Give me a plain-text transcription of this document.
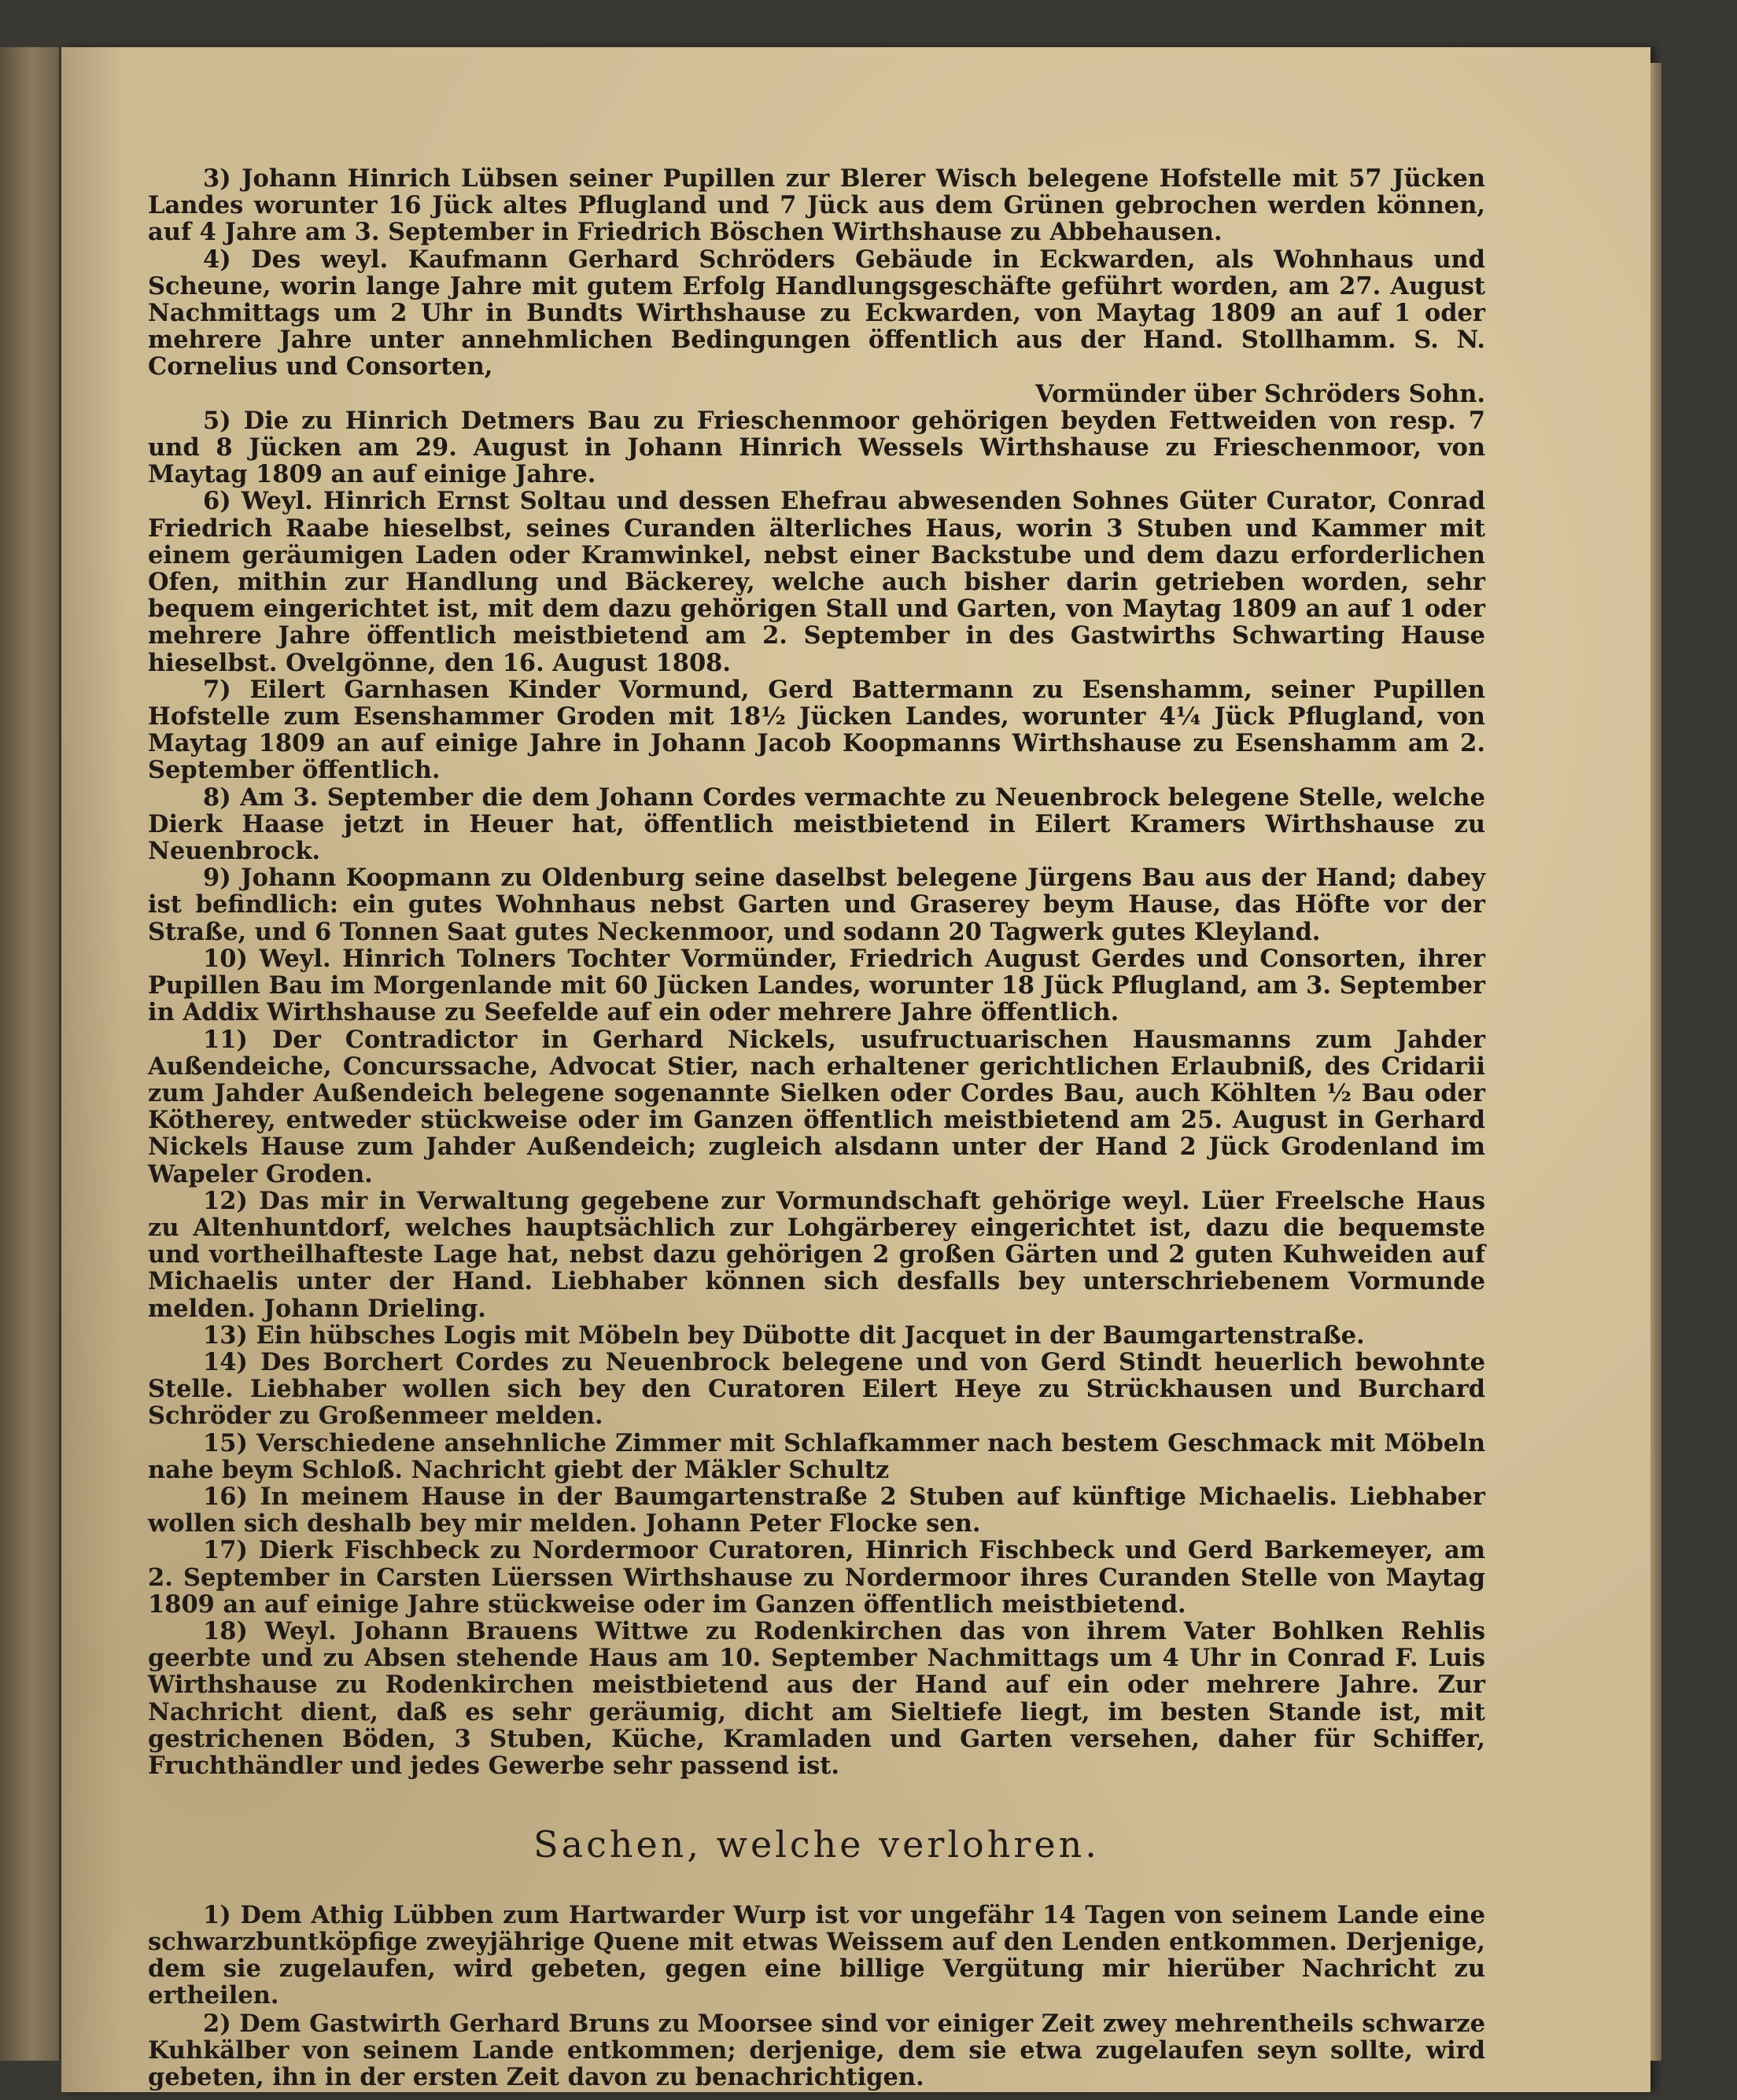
3) Johann Hinrich Lübsen seiner Pupillen zur Blerer Wisch belegene Hofstelle mit 57 Jücken Landes worunter 16 Jück altes Pflugland und 7 Jück aus dem Grünen gebrochen werden können, auf 4 Jahre am 3. September in Friedrich Böschen Wirthshause zu Abbehausen.

4) Des weyl. Kaufmann Gerhard Schröders Gebäude in Eckwarden, als Wohnhaus und Scheune, worin lange Jahre mit gutem Erfolg Handlungsgeschäfte geführt worden, am 27. August Nachmittags um 2 Uhr in Bundts Wirthshause zu Eckwarden, von Maytag 1809 an auf 1 oder mehrere Jahre unter annehmlichen Bedingungen öffentlich aus der Hand. Stollhamm. S. N. Cornelius und Consorten,

Vormünder über Schröders Sohn.

5) Die zu Hinrich Detmers Bau zu Frieschenmoor gehörigen beyden Fettweiden von resp. 7 und 8 Jücken am 29. August in Johann Hinrich Wessels Wirthshause zu Frieschenmoor, von Maytag 1809 an auf einige Jahre.

6) Weyl. Hinrich Ernst Soltau und dessen Ehefrau abwesenden Sohnes Güter Curator, Conrad Friedrich Raabe hieselbst, seines Curanden älterliches Haus, worin 3 Stuben und Kammer mit einem geräumigen Laden oder Kramwinkel, nebst einer Backstube und dem dazu erforderlichen Ofen, mithin zur Handlung und Bäckerey, welche auch bisher darin getrieben worden, sehr bequem eingerichtet ist, mit dem dazu gehörigen Stall und Garten, von Maytag 1809 an auf 1 oder mehrere Jahre öffentlich meistbietend am 2. September in des Gastwirths Schwarting Hause hieselbst. Ovelgönne, den 16. August 1808.

7) Eilert Garnhasen Kinder Vormund, Gerd Battermann zu Esenshamm, seiner Pupillen Hofstelle zum Esenshammer Groden mit 18½ Jücken Landes, worunter 4¼ Jück Pflugland, von Maytag 1809 an auf einige Jahre in Johann Jacob Koopmanns Wirthshause zu Esenshamm am 2. September öffentlich.

8) Am 3. September die dem Johann Cordes vermachte zu Neuenbrock belegene Stelle, welche Dierk Haase jetzt in Heuer hat, öffentlich meistbietend in Eilert Kramers Wirthshause zu Neuenbrock.

9) Johann Koopmann zu Oldenburg seine daselbst belegene Jürgens Bau aus der Hand; dabey ist befindlich: ein gutes Wohnhaus nebst Garten und Graserey beym Hause, das Höfte vor der Straße, und 6 Tonnen Saat gutes Neckenmoor, und sodann 20 Tagwerk gutes Kleyland.

10) Weyl. Hinrich Tolners Tochter Vormünder, Friedrich August Gerdes und Consorten, ihrer Pupillen Bau im Morgenlande mit 60 Jücken Landes, worunter 18 Jück Pflugland, am 3. September in Addix Wirthshause zu Seefelde auf ein oder mehrere Jahre öffentlich.

11) Der Contradictor in Gerhard Nickels, usufructuarischen Hausmanns zum Jahder Außendeiche, Concurssache, Advocat Stier, nach erhaltener gerichtlichen Erlaubniß, des Cridarii zum Jahder Außendeich belegene sogenannte Sielken oder Cordes Bau, auch Köhlten ½ Bau oder Kötherey, entweder stückweise oder im Ganzen öffentlich meistbietend am 25. August in Gerhard Nickels Hause zum Jahder Außendeich; zugleich alsdann unter der Hand 2 Jück Grodenland im Wapeler Groden.

12) Das mir in Verwaltung gegebene zur Vormundschaft gehörige weyl. Lüer Freelsche Haus zu Altenhuntdorf, welches hauptsächlich zur Lohgärberey eingerichtet ist, dazu die bequemste und vortheilhafteste Lage hat, nebst dazu gehörigen 2 großen Gärten und 2 guten Kuhweiden auf Michaelis unter der Hand. Liebhaber können sich desfalls bey unterschriebenem Vormunde melden. Johann Drieling.

13) Ein hübsches Logis mit Möbeln bey Dübotte dit Jacquet in der Baumgartenstraße.

14) Des Borchert Cordes zu Neuenbrock belegene und von Gerd Stindt heuerlich bewohnte Stelle. Liebhaber wollen sich bey den Curatoren Eilert Heye zu Strückhausen und Burchard Schröder zu Großenmeer melden.

15) Verschiedene ansehnliche Zimmer mit Schlafkammer nach bestem Geschmack mit Möbeln nahe beym Schloß. Nachricht giebt der Mäkler Schultz

16) In meinem Hause in der Baumgartenstraße 2 Stuben auf künftige Michaelis. Liebhaber wollen sich deshalb bey mir melden. Johann Peter Flocke sen.

17) Dierk Fischbeck zu Nordermoor Curatoren, Hinrich Fischbeck und Gerd Barkemeyer, am 2. September in Carsten Lüerssen Wirthshause zu Nordermoor ihres Curanden Stelle von Maytag 1809 an auf einige Jahre stückweise oder im Ganzen öffentlich meistbietend.

18) Weyl. Johann Brauens Wittwe zu Rodenkirchen das von ihrem Vater Bohlken Rehlis geerbte und zu Absen stehende Haus am 10. September Nachmittags um 4 Uhr in Conrad F. Luis Wirthshause zu Rodenkirchen meistbietend aus der Hand auf ein oder mehrere Jahre. Zur Nachricht dient, daß es sehr geräumig, dicht am Sieltiefe liegt, im besten Stande ist, mit gestrichenen Böden, 3 Stuben, Küche, Kramladen und Garten versehen, daher für Schiffer, Fruchthändler und jedes Gewerbe sehr passend ist.

Sachen, welche verlohren.

1) Dem Athig Lübben zum Hartwarder Wurp ist vor ungefähr 14 Tagen von seinem Lande eine schwarzbuntköpfige zweyjährige Quene mit etwas Weissem auf den Lenden entkommen. Derjenige, dem sie zugelaufen, wird gebeten, gegen eine billige Vergütung mir hierüber Nachricht zu ertheilen.

2) Dem Gastwirth Gerhard Bruns zu Moorsee sind vor einiger Zeit zwey mehrentheils schwarze Kuhkälber von seinem Lande entkommen; derjenige, dem sie etwa zugelaufen seyn sollte, wird gebeten, ihn in der ersten Zeit davon zu benachrichtigen.
